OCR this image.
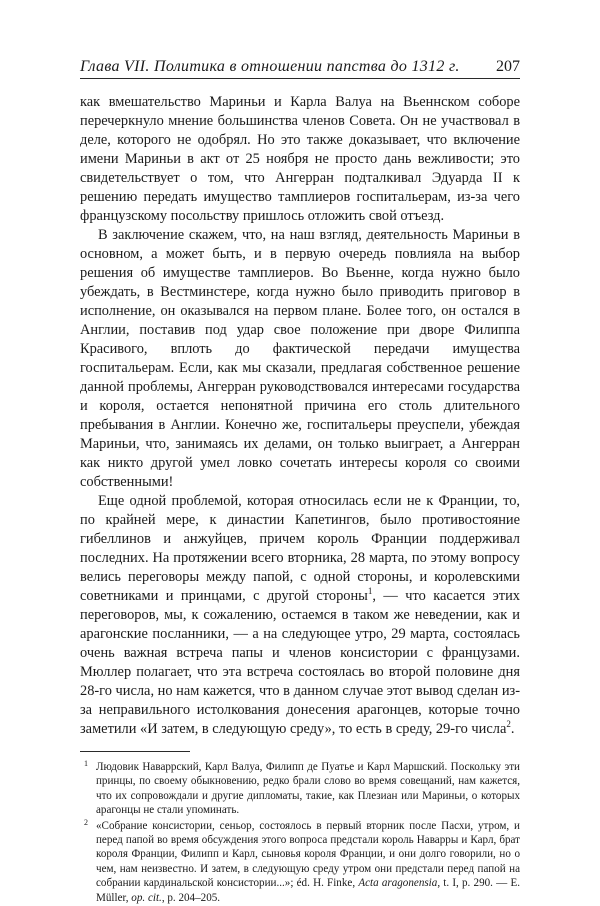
Глава VII. Политика в отношении папства до 1312 г. 207

как вмешательство Мариньи и Карла Валуа на Вьеннском соборе перечеркнуло мнение большинства членов Совета. Он не участвовал в деле, которого не одобрял. Но это также доказывает, что включение имени Мариньи в акт от 25 ноября не просто дань вежливости; это свидетельствует о том, что Ангерран подталкивал Эдуарда II к решению передать имущество тамплиеров госпитальерам, из-за чего французскому посольству пришлось отложить свой отъезд.

В заключение скажем, что, на наш взгляд, деятельность Мариньи в основном, а может быть, и в первую очередь повлияла на выбор решения об имуществе тамплиеров. Во Вьенне, когда нужно было убеждать, в Вестминстере, когда нужно было приводить приговор в исполнение, он оказывался на первом плане. Более того, он остался в Англии, поставив под удар свое положение при дворе Филиппа Красивого, вплоть до фактической передачи имущества госпитальерам. Если, как мы сказали, предлагая собственное решение данной проблемы, Ангерран руководствовался интересами государства и короля, остается непонятной причина его столь длительного пребывания в Англии. Конечно же, госпитальеры преуспели, убеждая Мариньи, что, занимаясь их делами, он только выиграет, а Ангерран как никто другой умел ловко сочетать интересы короля со своими собственными!

Еще одной проблемой, которая относилась если не к Франции, то, по крайней мере, к династии Капетингов, было противостояние гибеллинов и анжуйцев, причем король Франции поддерживал последних. На протяжении всего вторника, 28 марта, по этому вопросу велись переговоры между папой, с одной стороны, и королевскими советниками и принцами, с другой стороны$^1$, — что касается этих переговоров, мы, к сожалению, остаемся в таком же неведении, как и арагонские посланники, — а на следующее утро, 29 марта, состоялась очень важная встреча папы и членов консистории с французами. Мюллер полагает, что эта встреча состоялась во второй половине дня 28-го числа, но нам кажется, что в данном случае этот вывод сделан из-за неправильного истолкования донесения арагонцев, которые точно заметили «И затем, в следующую среду», то есть в среду, 29-го числа$^2$.

1 Людовик Наваррский, Карл Валуа, Филипп де Пуатье и Карл Маршский. Поскольку эти принцы, по своему обыкновению, редко брали слово во время совещаний, нам кажется, что их сопровождали и другие дипломаты, такие, как Плезиан или Мариньи, о которых арагонцы не стали упоминать.
2 «Собрание консистории, сеньор, состоялось в первый вторник после Пасхи, утром, и перед папой во время обсуждения этого вопроса предстали король Наварры и Карл, брат короля Франции, Филипп и Карл, сыновья короля Франции, и они долго говорили, но о чем, нам неизвестно. И затем, в следующую среду утром они предстали перед папой на собрании кардинальской консистории...»; éd. H. Finke, Acta aragonensia, t. I, p. 290. — E. Müller, op. cit., p. 204–205.
